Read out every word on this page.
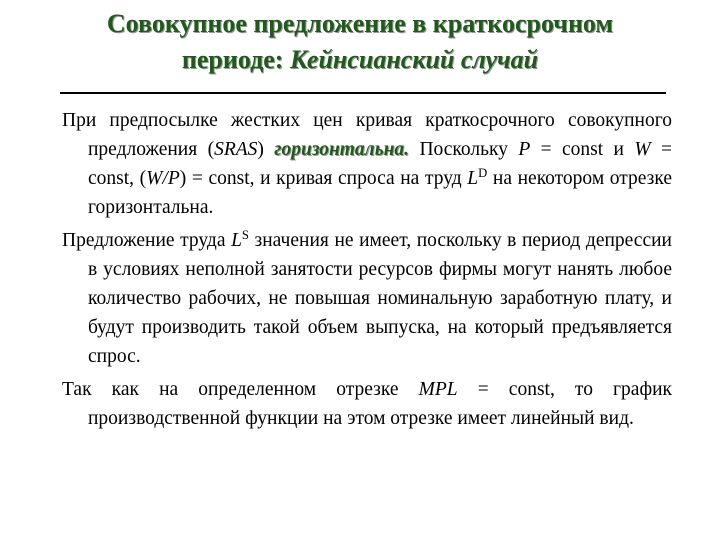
Совокупное предложение в краткосрочном
периоде: Кейнсианский случай

При предпосылке жестких цен кривая краткосрочного совокупного предложения (SRAS) горизонтальна. Поскольку P = const и W = const, (W/P) = const, и кривая спроса на труд $L^D$ на некотором отрезке горизонтальна.

Предложение труда $L^S$ значения не имеет, поскольку в период депрессии в условиях неполной занятости ресурсов фирмы могут нанять любое количество рабочих, не повышая номинальную заработную плату, и будут производить такой объем выпуска, на который предъявляется спрос.

Так как на определенном отрезке MPL = const, то график производственной функции на этом отрезке имеет линейный вид.
